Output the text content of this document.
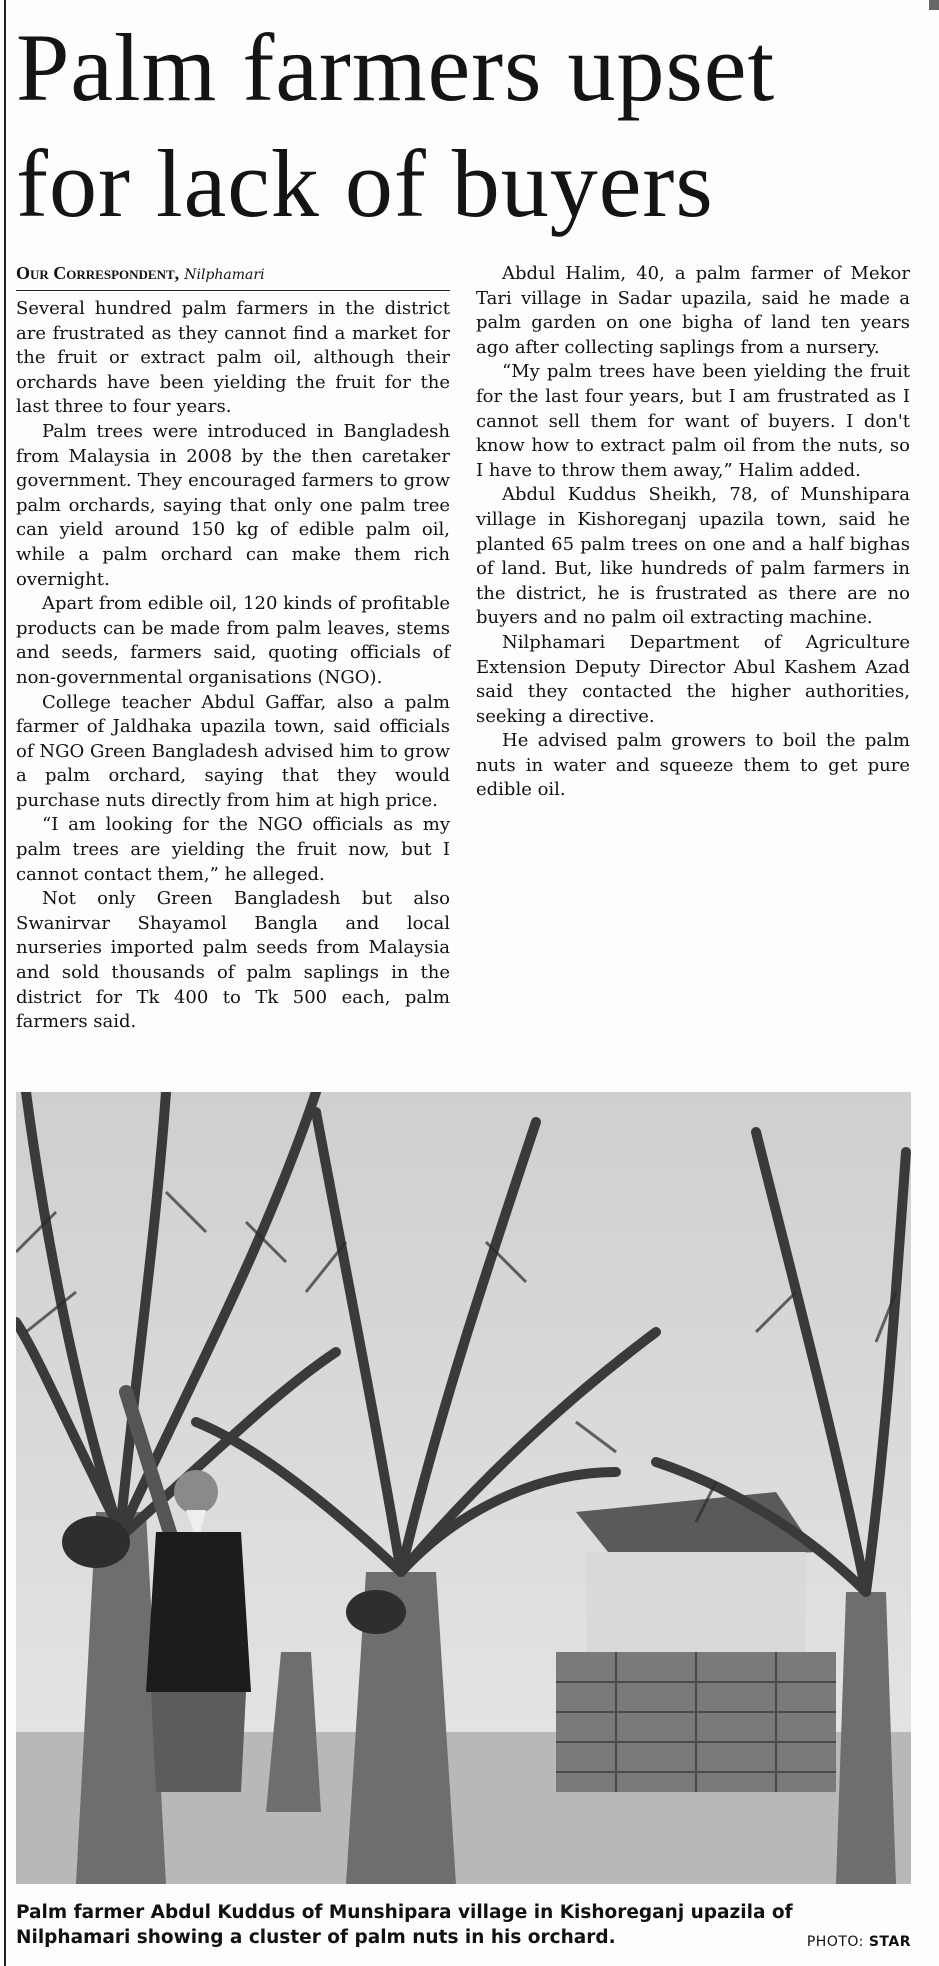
Palm farmers upset
for lack of buyers
Our Correspondent, Nilphamari

Several hundred palm farmers in the district are frustrated as they cannot find a market for the fruit or extract palm oil, although their orchards have been yielding the fruit for the last three to four years.

Palm trees were introduced in Bangladesh from Malaysia in 2008 by the then caretaker government. They encouraged farmers to grow palm orchards, saying that only one palm tree can yield around 150 kg of edible palm oil, while a palm orchard can make them rich overnight.

Apart from edible oil, 120 kinds of profitable products can be made from palm leaves, stems and seeds, farmers said, quoting officials of non-governmental organisations (NGO).

College teacher Abdul Gaffar, also a palm farmer of Jaldhaka upazila town, said officials of NGO Green Bangladesh advised him to grow a palm orchard, saying that they would purchase nuts directly from him at high price.

“I am looking for the NGO officials as my palm trees are yielding the fruit now, but I cannot contact them,” he alleged.

Not only Green Bangladesh but also Swanirvar Shayamol Bangla and local nurseries imported palm seeds from Malaysia and sold thousands of palm saplings in the district for Tk 400 to Tk 500 each, palm farmers said.

Abdul Halim, 40, a palm farmer of Mekor Tari village in Sadar upazila, said he made a palm garden on one bigha of land ten years ago after collecting saplings from a nursery.

“My palm trees have been yielding the fruit for the last four years, but I am frustrated as I cannot sell them for want of buyers. I don't know how to extract palm oil from the nuts, so I have to throw them away,” Halim added.

Abdul Kuddus Sheikh, 78, of Munshipara village in Kishoreganj upazila town, said he planted 65 palm trees on one and a half bighas of land. But, like hundreds of palm farmers in the district, he is frustrated as there are no buyers and no palm oil extracting machine.

Nilphamari Department of Agriculture Extension Deputy Director Abul Kashem Azad said they contacted the higher authorities, seeking a directive.

He advised palm growers to boil the palm nuts in water and squeeze them to get pure edible oil.

Palm farmer Abdul Kuddus of Munshipara village in Kishoreganj upazila of Nilphamari showing a cluster of palm nuts in his orchard.	PHOTO: STAR
